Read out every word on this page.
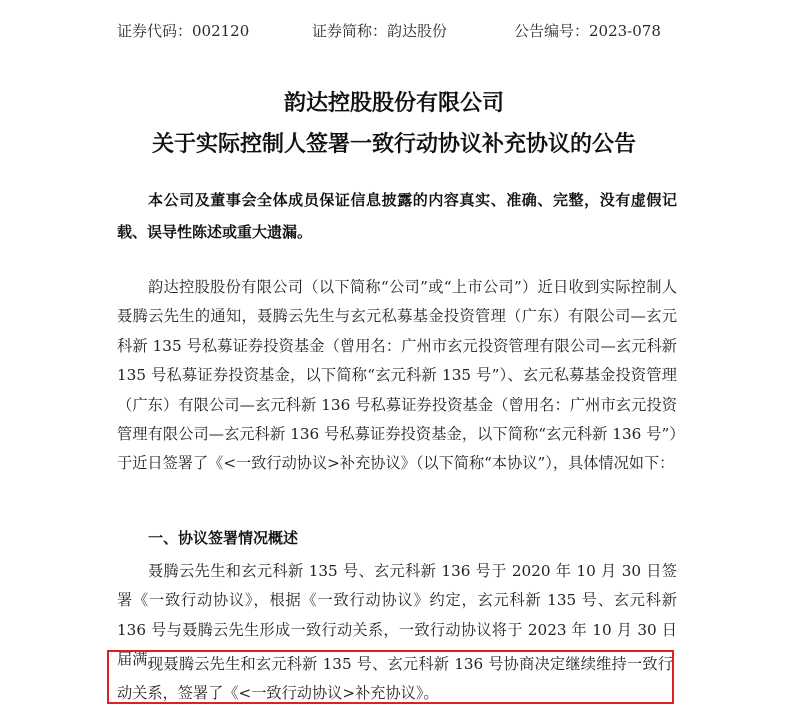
证券代码：002120	证券简称：韵达股份	公告编号：2023-078
韵达控股股份有限公司
关于实际控制人签署一致行动协议补充协议的公告
本公司及董事会全体成员保证信息披露的内容真实、准确、完整，没有虚假记载、误导性陈述或重大遗漏。
韵达控股股份有限公司（以下简称“公司”或“上市公司”）近日收到实际控制人聂腾云先生的通知，聂腾云先生与玄元私募基金投资管理（广东）有限公司—玄元科新 135 号私募证券投资基金（曾用名：广州市玄元投资管理有限公司—玄元科新 135 号私募证券投资基金，以下简称“玄元科新 135 号”）、玄元私募基金投资管理（广东）有限公司—玄元科新 136 号私募证券投资基金（曾用名：广州市玄元投资管理有限公司—玄元科新 136 号私募证券投资基金，以下简称“玄元科新 136 号”）于近日签署了《<一致行动协议>补充协议》（以下简称“本协议”），具体情况如下：
一、协议签署情况概述
聂腾云先生和玄元科新 135 号、玄元科新 136 号于 2020 年 10 月 30 日签署《一致行动协议》，根据《一致行动协议》约定，玄元科新 135 号、玄元科新 136 号与聂腾云先生形成一致行动关系，一致行动协议将于 2023 年 10 月 30 日届满。
现聂腾云先生和玄元科新 135 号、玄元科新 136 号协商决定继续维持一致行动关系，签署了《<一致行动协议>补充协议》。
